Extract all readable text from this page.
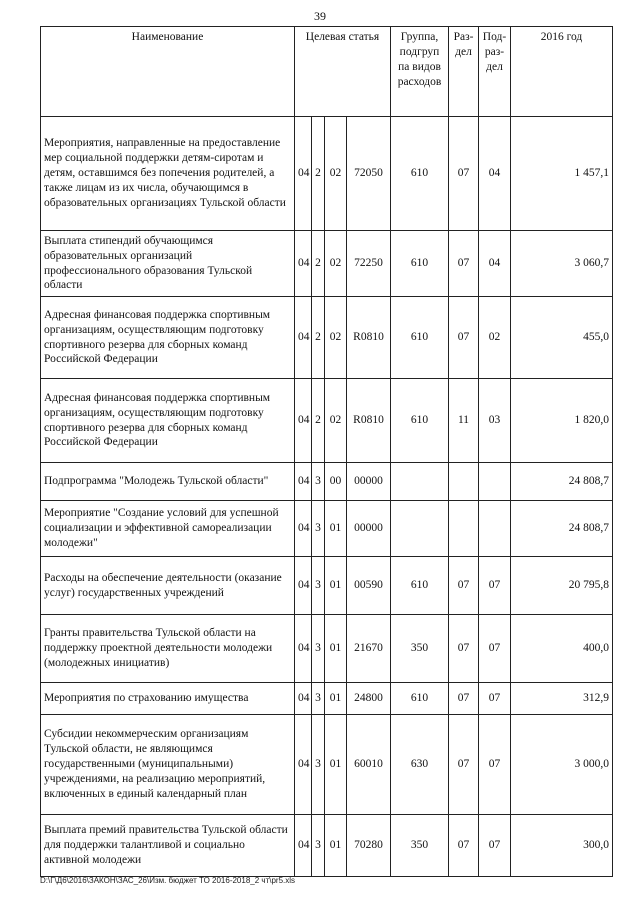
39
Наименование	Целевая статья				Группа, подгруп па видов расходов	Раз- дел	Под- раз- дел	2016 год
Мероприятия, направленные на предоставление мер социальной поддержки детям-сиротам и детям, оставшимся без попечения родителей, а также лицам из их числа, обучающимся в образовательных организациях Тульской области	04	2	02	72050	610	07	04	1 457,1
Выплата стипендий обучающимся образовательных организаций профессионального образования Тульской области	04	2	02	72250	610	07	04	3 060,7
Адресная финансовая поддержка спортивным организациям, осуществляющим подготовку спортивного резерва для сборных команд Российской Федерации	04	2	02	R0810	610	07	02	455,0
Адресная финансовая поддержка спортивным организациям, осуществляющим подготовку спортивного резерва для сборных команд Российской Федерации	04	2	02	R0810	610	11	03	1 820,0
Подпрограмма "Молодежь Тульской области"	04	3	00	00000				24 808,7
Мероприятие "Создание условий для успешной социализации и эффективной самореализации молодежи"	04	3	01	00000				24 808,7
Расходы на обеспечение деятельности (оказание услуг) государственных учреждений	04	3	01	00590	610	07	07	20 795,8
Гранты правительства Тульской области на поддержку проектной деятельности молодежи (молодежных инициатив)	04	3	01	21670	350	07	07	400,0
Мероприятия по страхованию имущества	04	3	01	24800	610	07	07	312,9
Субсидии некоммерческим организациям Тульской области, не являющимся государственными (муниципальными) учреждениями, на реализацию мероприятий, включенных в единый календарный план	04	3	01	60010	630	07	07	3 000,0
Выплата премий правительства Тульской области для поддержки талантливой и социально активной молодежи	04	3	01	70280	350	07	07	300,0
D:\Г\Д6\2016\ЗАКОН\ЗАС_26\Изм. бюджет ТО 2016-2018_2 чт\pr5.xls
